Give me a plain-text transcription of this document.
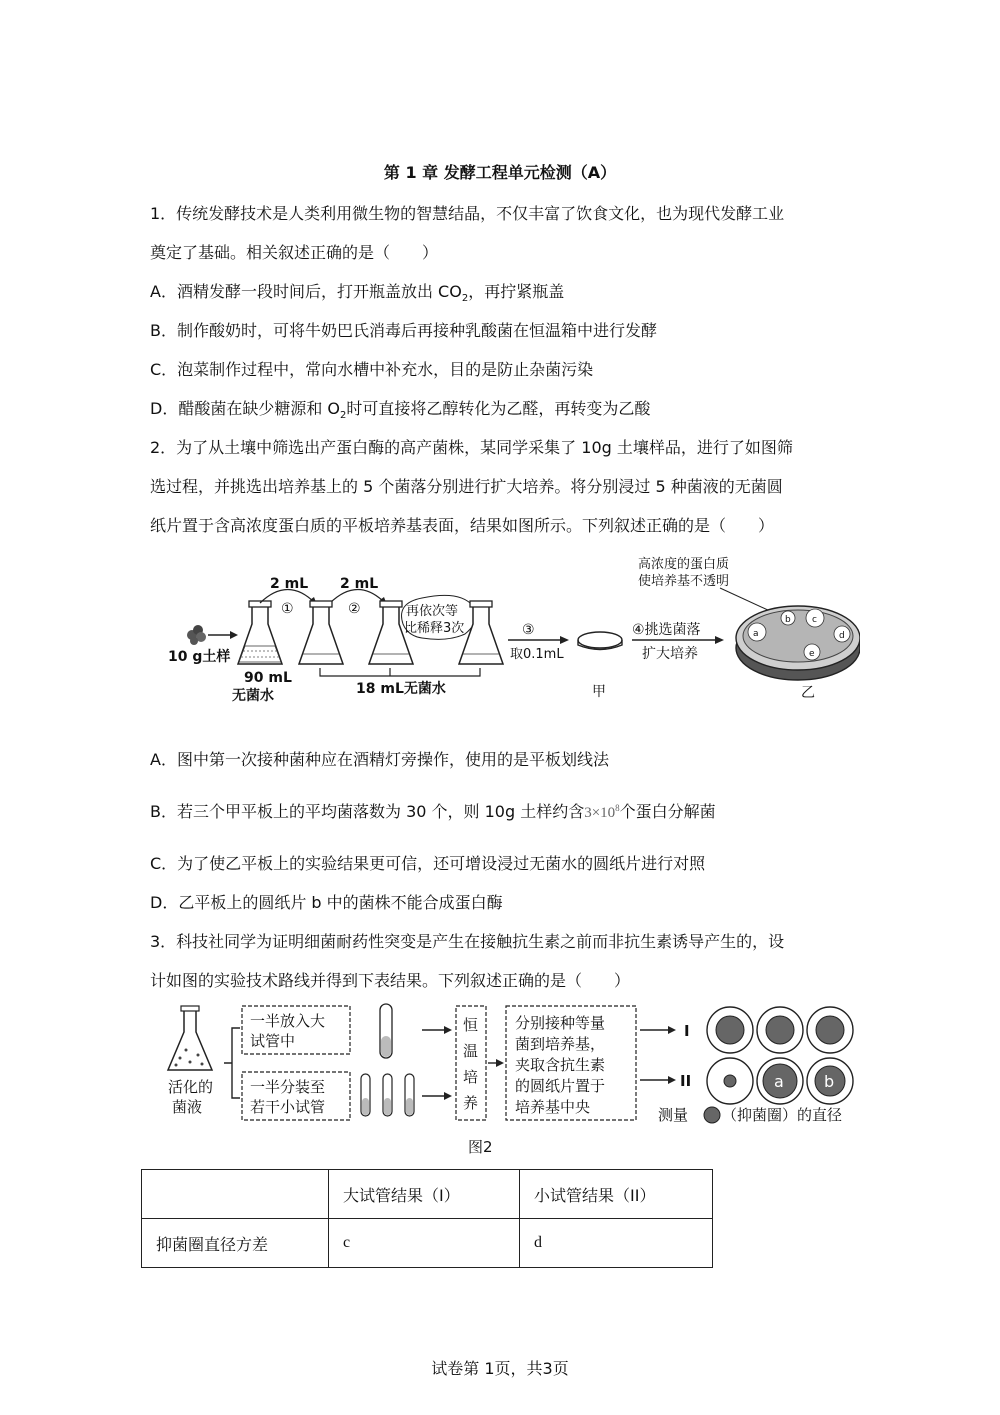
第 1 章 发酵工程单元检测（A）
1．传统发酵技术是人类利用微生物的智慧结晶，不仅丰富了饮食文化，也为现代发酵工业
奠定了基础。相关叙述正确的是（　　）
A．酒精发酵一段时间后，打开瓶盖放出 $CO_2$，再拧紧瓶盖
B．制作酸奶时，可将牛奶巴氏消毒后再接种乳酸菌在恒温箱中进行发酵
C．泡菜制作过程中，常向水槽中补充水，目的是防止杂菌污染
D．醋酸菌在缺少糖源和 $O_2$时可直接将乙醇转化为乙醛，再转变为乙酸
2．为了从土壤中筛选出产蛋白酶的高产菌株，某同学采集了 10g 土壤样品，进行了如图筛
选过程，并挑选出培养基上的 5 个菌落分别进行扩大培养。将分别浸过 5 种菌液的无菌圆
纸片置于含高浓度蛋白质的平板培养基表面，结果如图所示。下列叙述正确的是（　　）
10 g土样
90 mL
无菌水
2 mL
①
2 mL
②	再依次等
比稀释3次
18 mL无菌水
③
取0.1mL
甲
④挑选菌落
扩大培养
高浓度的蛋白质
使培养基不透明
a
b c
d
e
乙
A．图中第一次接种菌种应在酒精灯旁操作，使用的是平板划线法
B．若三个甲平板上的平均菌落数为 30 个，则 10g 土样约含$3\times 10^8$个蛋白分解菌
C．为了使乙平板上的实验结果更可信，还可增设浸过无菌水的圆纸片进行对照
D．乙平板上的圆纸片 b 中的菌株不能合成蛋白酶
3．科技社同学为证明细菌耐药性突变是产生在接触抗生素之前而非抗生素诱导产生的，设
计如图的实验技术路线并得到下表结果。下列叙述正确的是（　　）
活化的
菌液
一半放入大
试管中
一半分装至
若干小试管
恒
温
培
养
分别接种等量
菌到培养基，
夹取含抗生素
的圆纸片置于
培养基中央
I
II	a	b
测量 （抑菌圈）的直径
图2
	大试管结果（I）	小试管结果（II）
抑菌圈直径方差	c	d
试卷第 1页，共3页
